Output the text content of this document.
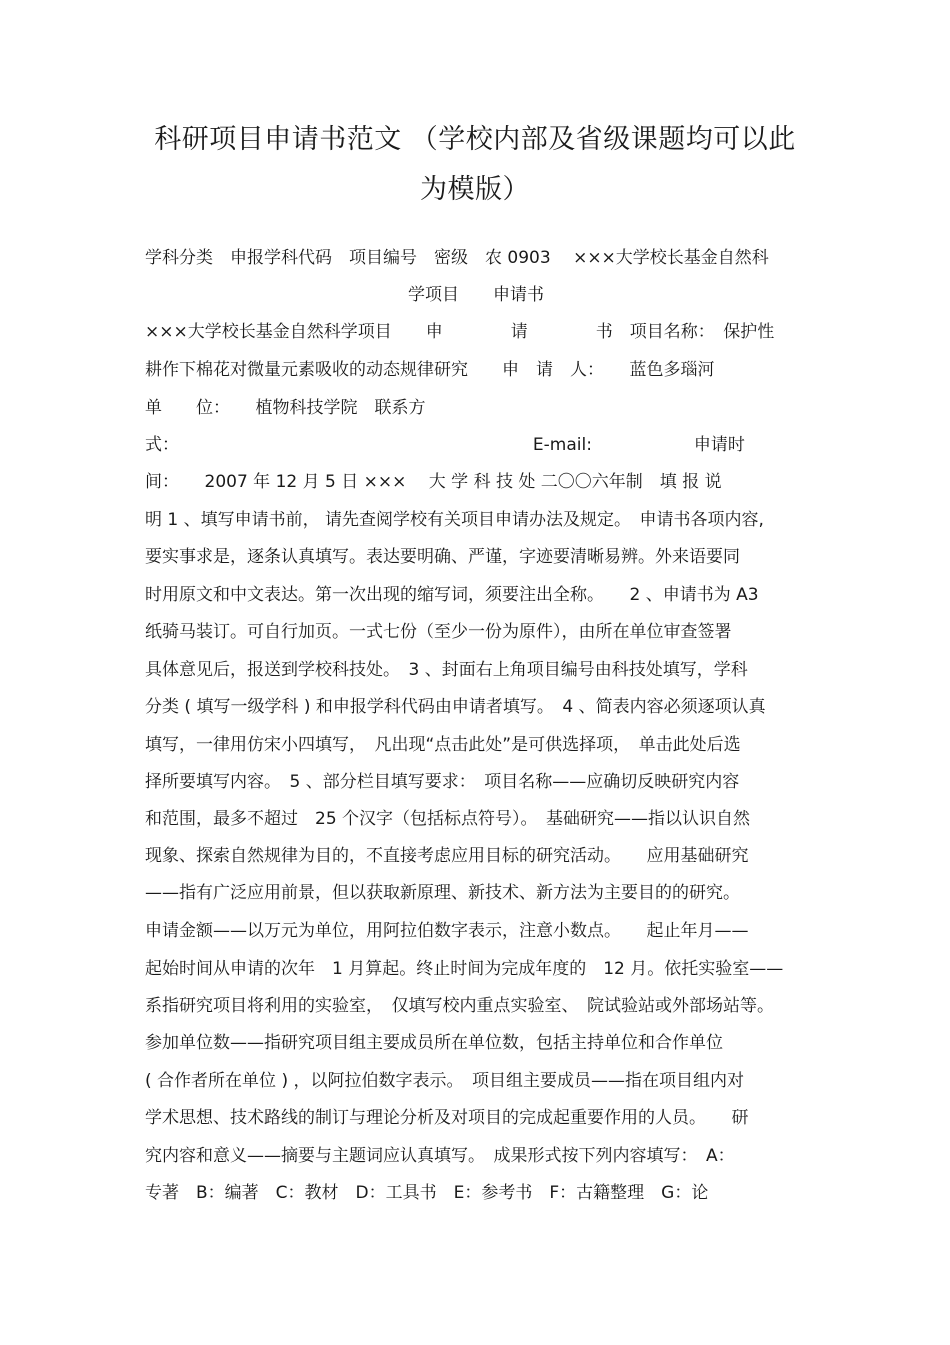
科研项目申请书范文 （学校内部及省级课题均可以此
为模版）
学科分类　申报学科代码　项目编号　密级　农 0903　 ×××大学校长基金自然科
学项目　　申请书
×××大学校长基金自然科学项目　　申　　　　请　　　　书　项目名称：　保护性
耕作下棉花对微量元素吸收的动态规律研究　　申　请　人：　　蓝色多瑙河
单　　位：　　植物科技学院　联系方
式：　　　　　　　　　　　　　　　　　　　　　 E-mail:　　　　　　申请时
间：　　2007 年 12 月 5 日 ×××　 大 学 科 技 处 二〇〇六年制　填 报 说
明 1 、填写申请书前， 请先查阅学校有关项目申请办法及规定。　申请书各项内容,
要实事求是，逐条认真填写。表达要明确、严谨，字迹要清晰易辨。外来语要同
时用原文和中文表达。第一次出现的缩写词，须要注出全称。　　2 、申请书为 A3
纸骑马装订。可自行加页。一式七份（至少一份为原件），由所在单位审查签署
具体意见后，报送到学校科技处。　3 、封面右上角项目编号由科技处填写，学科
分类 ( 填写一级学科 ) 和申报学科代码由申请者填写。　4 、简表内容必须逐项认真
填写，一律用仿宋小四填写，　凡出现“点击此处”是可供选择项，　单击此处后选
择所要填写内容。　5 、部分栏目填写要求：　项目名称——应确切反映研究内容
和范围，最多不超过　25 个汉字（包括标点符号）。　基础研究——指以认识自然
现象、探索自然规律为目的，不直接考虑应用目标的研究活动。　　应用基础研究
——指有广泛应用前景，但以获取新原理、新技术、新方法为主要目的的研究。
申请金额——以万元为单位，用阿拉伯数字表示，注意小数点。　　起止年月——
起始时间从申请的次年　1 月算起。终止时间为完成年度的　12 月。依托实验室——
系指研究项目将利用的实验室，　仅填写校内重点实验室、　院试验站或外部场站等。
参加单位数——指研究项目组主要成员所在单位数，包括主持单位和合作单位
( 合作者所在单位 ) ，以阿拉伯数字表示。　项目组主要成员——指在项目组内对
学术思想、技术路线的制订与理论分析及对项目的完成起重要作用的人员。　　研
究内容和意义——摘要与主题词应认真填写。　成果形式按下列内容填写：　A：
专著　B：编著　C：教材　D：工具书　E：参考书　F：古籍整理　G：论
